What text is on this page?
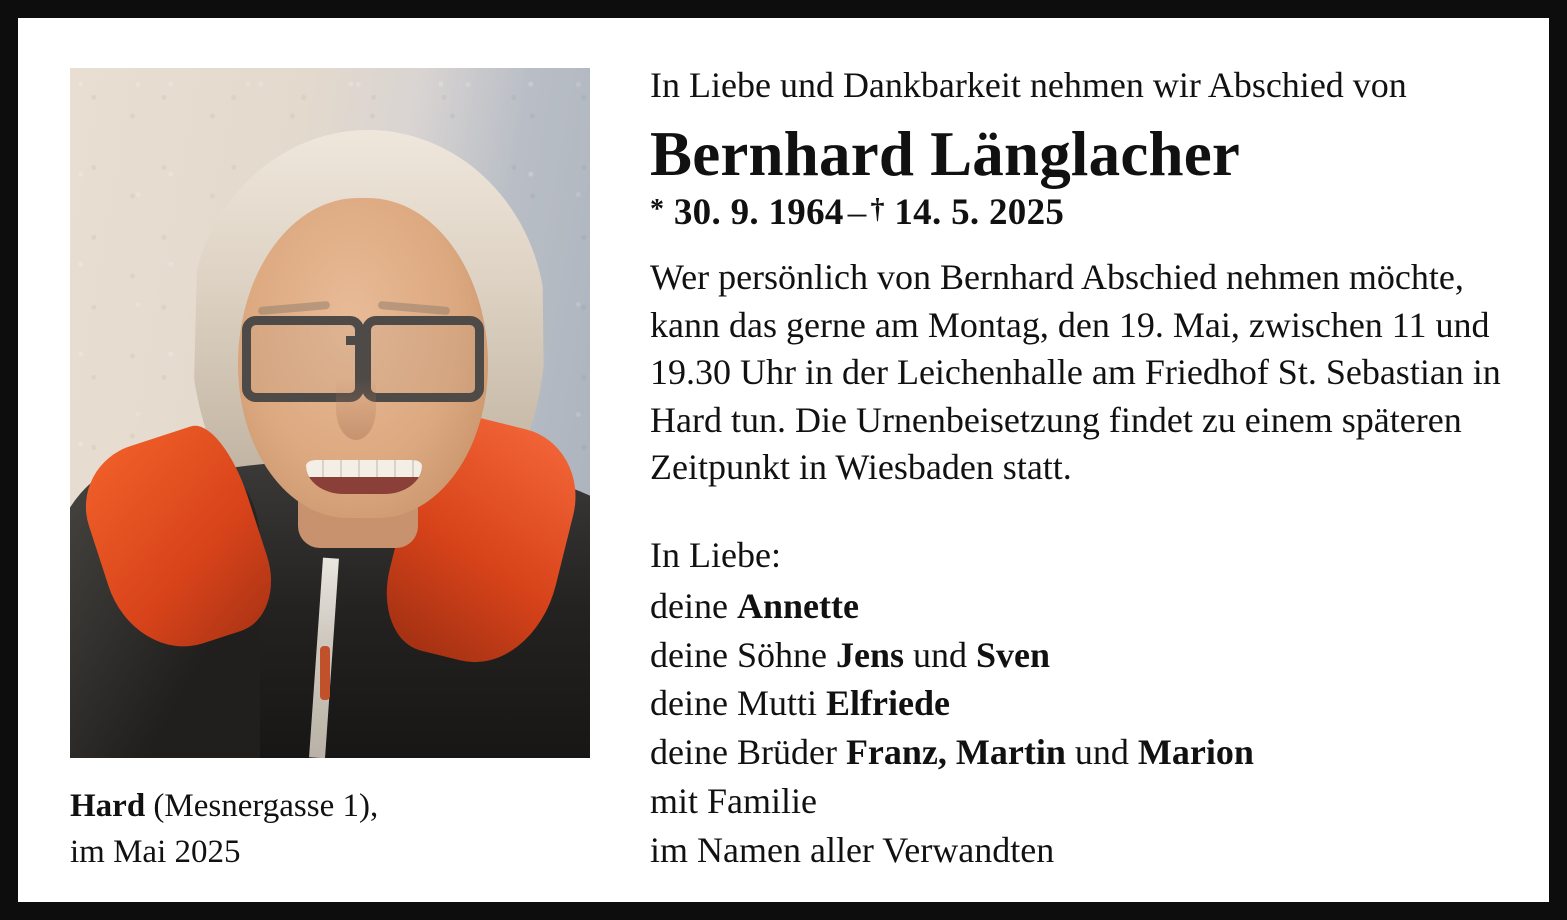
Hard (Mesnergasse 1),
im Mai 2025

In Liebe und Dankbarkeit nehmen wir Abschied von

Bernhard Länglacher
* 30. 9. 1964 – † 14. 5. 2025

Wer persönlich von Bernhard Abschied nehmen möchte, kann das gerne am Montag, den 19. Mai, zwischen 11 und 19.30 Uhr in der Leichenhalle am Friedhof St. Sebastian in Hard tun. Die Urnenbeisetzung findet zu einem späteren Zeitpunkt in Wiesbaden statt.

In Liebe:

deine Annette
deine Söhne Jens und Sven
deine Mutti Elfriede
deine Brüder Franz, Martin und Marion
mit Familie
im Namen aller Verwandten
